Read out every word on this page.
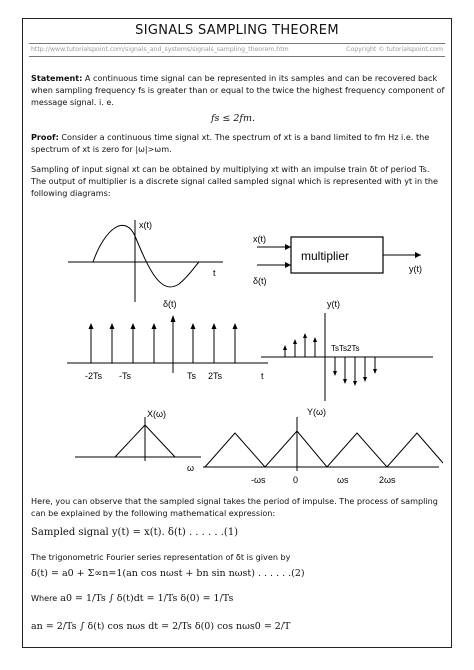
SIGNALS SAMPLING THEOREM
http://www.tutorialspoint.com/signals_and_systems/signals_sampling_theorem.htm	Copyright © tutorialspoint.com
Statement: A continuous time signal can be represented in its samples and can be recovered back when sampling frequency fs is greater than or equal to the twice the highest frequency component of message signal. i. e.
fs ≤ 2fm.
Proof: Consider a continuous time signal xt. The spectrum of xt is a band limited to fm Hz i.e. the spectrum of xt is zero for |ω|>ωm.
Sampling of input signal xt can be obtained by multiplying xt with an impulse train δt of period Ts. The output of multiplier is a discrete signal called sampled signal which is represented with yt in the following diagrams:
x(t)
t
multiplier
x(t)
δ(t)
y(t)
δ(t)
-2Ts -Ts	Ts 2Ts	t
y(t)
TsTs2Ts
X(ω)
ω
Y(ω)
-ωs	0	ωs	2ωs
Here, you can observe that the sampled signal takes the period of impulse. The process of sampling can be explained by the following mathematical expression:
Sampled signal y(t) = x(t). δ(t) . . . . . .(1)
The trigonometric Fourier series representation of δt is given by
δ(t) = a0 + Σ∞n=1(an cos nωst + bn sin nωst) . . . . . .(2)
Where a0 = 1/Ts ∫ δ(t)dt = 1/Ts δ(0) = 1/Ts
an = 2/Ts ∫ δ(t) cos nωs dt = 2/Ts δ(0) cos nωs0 = 2/T
